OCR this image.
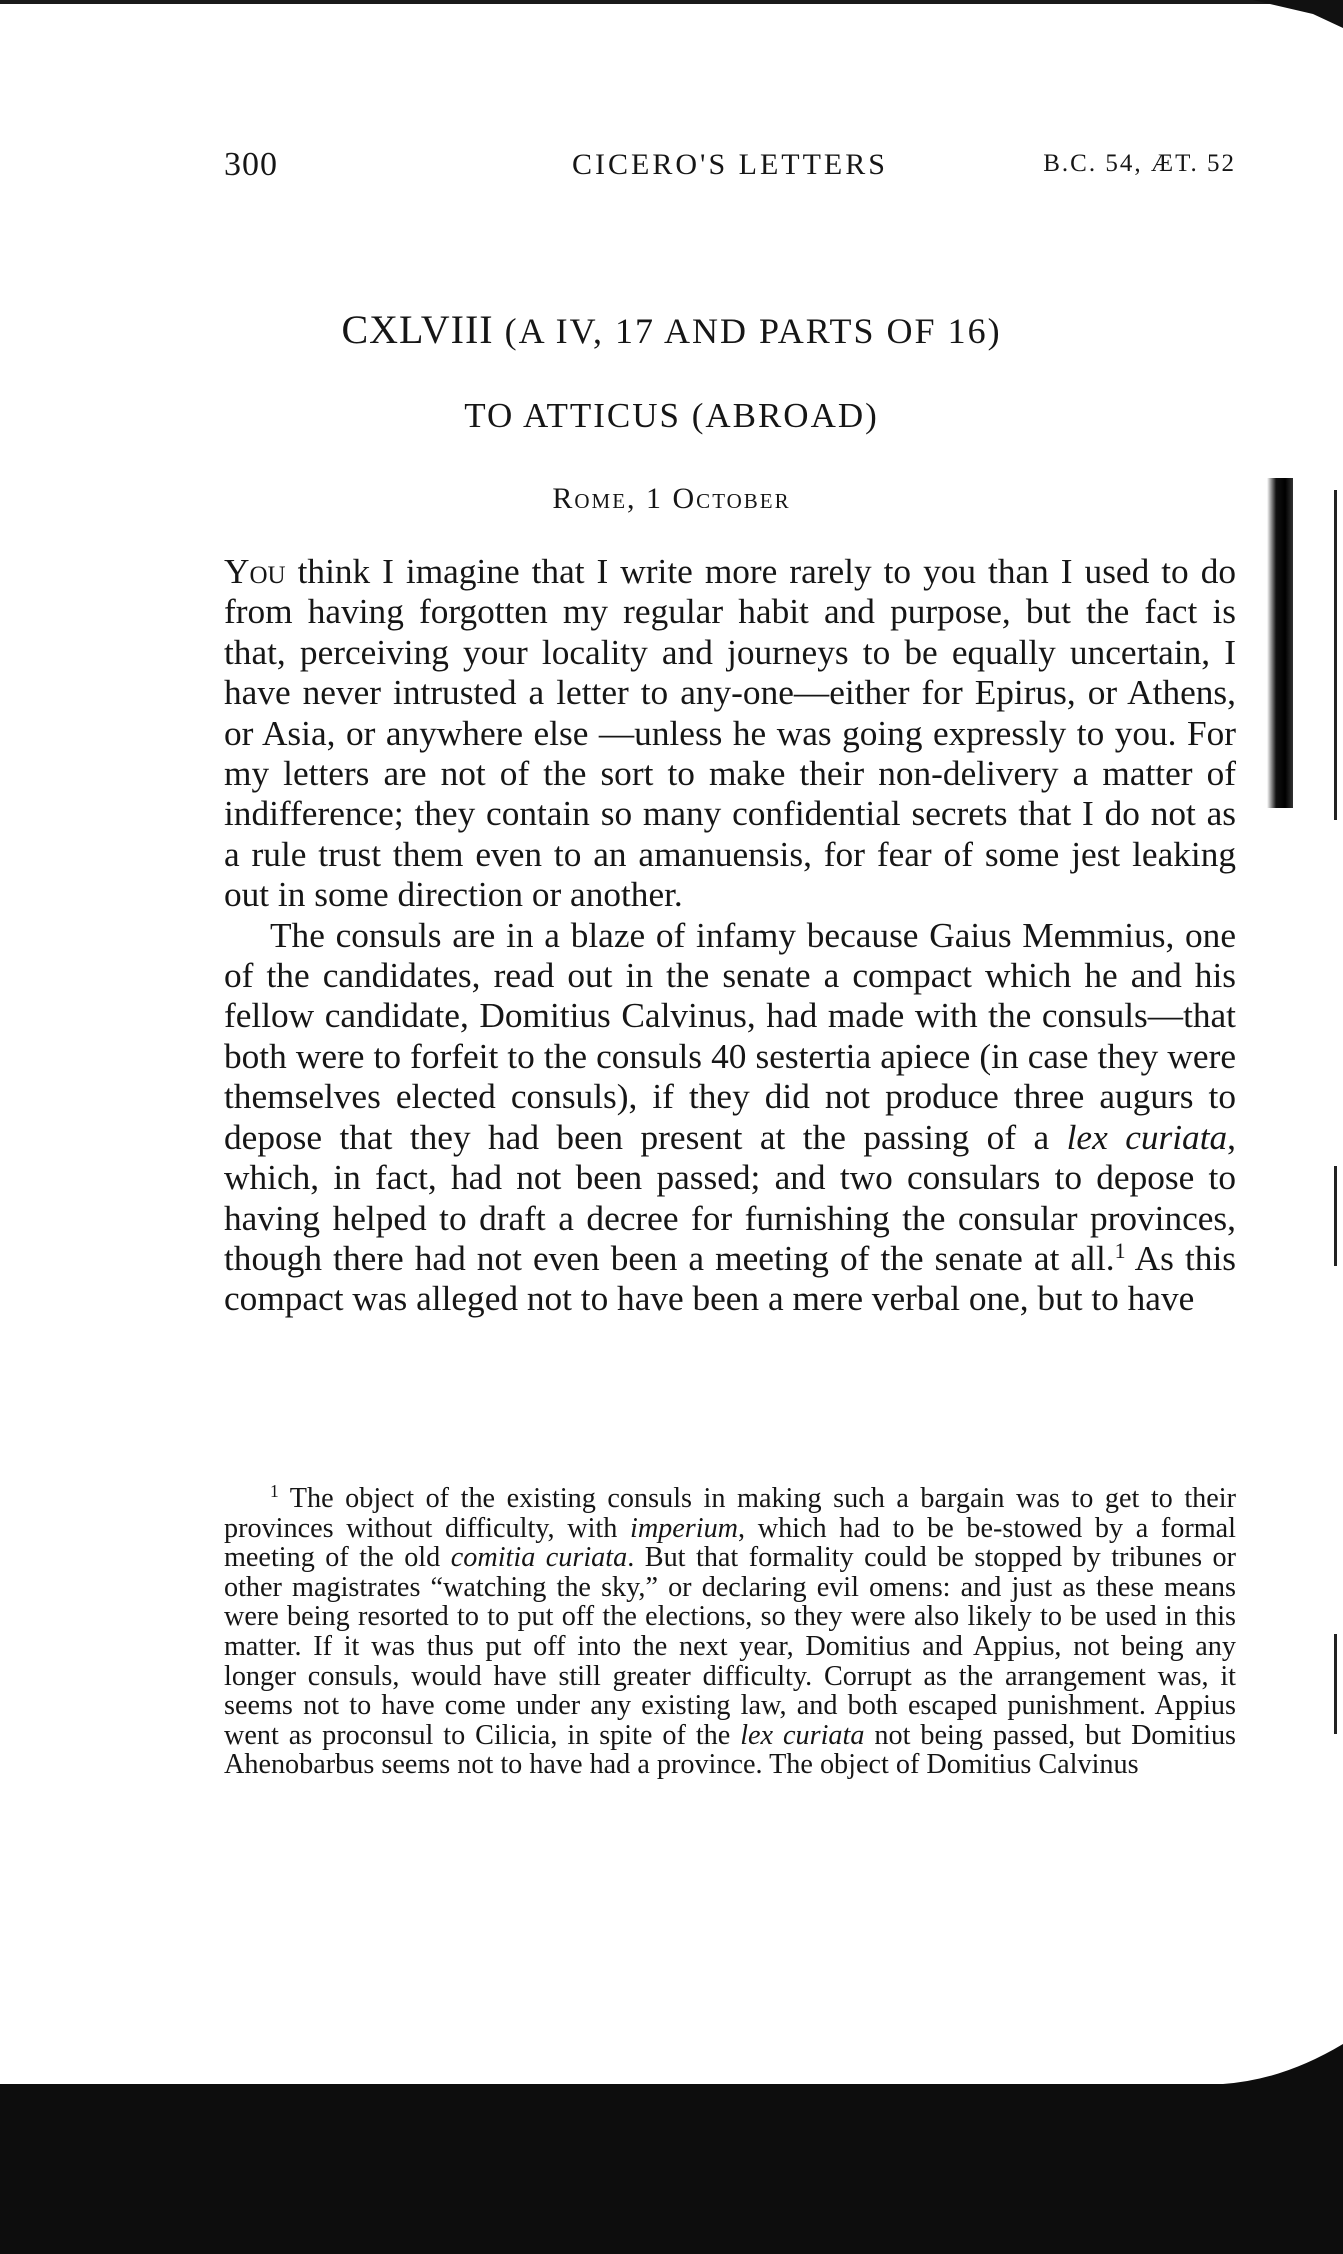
300	CICERO'S LETTERS	B.C. 54, ÆT. 52
CXLVIII (A IV, 17 AND PARTS OF 16)
TO ATTICUS (ABROAD)
Rome, 1 October

You think I imagine that I write more rarely to you than I used to do from having forgotten my regular habit and purpose, but the fact is that, perceiving your locality and journeys to be equally uncertain, I have never intrusted a letter to any-one—either for Epirus, or Athens, or Asia, or anywhere else —unless he was going expressly to you. For my letters are not of the sort to make their non-delivery a matter of indifference; they contain so many confidential secrets that I do not as a rule trust them even to an amanuensis, for fear of some jest leaking out in some direction or another.

The consuls are in a blaze of infamy because Gaius Memmius, one of the candidates, read out in the senate a compact which he and his fellow candidate, Domitius Calvinus, had made with the consuls—that both were to forfeit to the consuls 40 sestertia apiece (in case they were themselves elected consuls), if they did not produce three augurs to depose that they had been present at the passing of a lex curiata, which, in fact, had not been passed; and two consulars to depose to having helped to draft a decree for furnishing the consular provinces, though there had not even been a meeting of the senate at all.$^1$ As this compact was alleged not to have been a mere verbal one, but to have

$^1$ The object of the existing consuls in making such a bargain was to get to their provinces without difficulty, with imperium, which had to be be-stowed by a formal meeting of the old comitia curiata. But that formality could be stopped by tribunes or other magistrates “watching the sky,” or declaring evil omens: and just as these means were being resorted to to put off the elections, so they were also likely to be used in this matter. If it was thus put off into the next year, Domitius and Appius, not being any longer consuls, would have still greater difficulty. Corrupt as the arrangement was, it seems not to have come under any existing law, and both escaped punishment. Appius went as proconsul to Cilicia, in spite of the lex curiata not being passed, but Domitius Ahenobarbus seems not to have had a province. The object of Domitius Calvinus
